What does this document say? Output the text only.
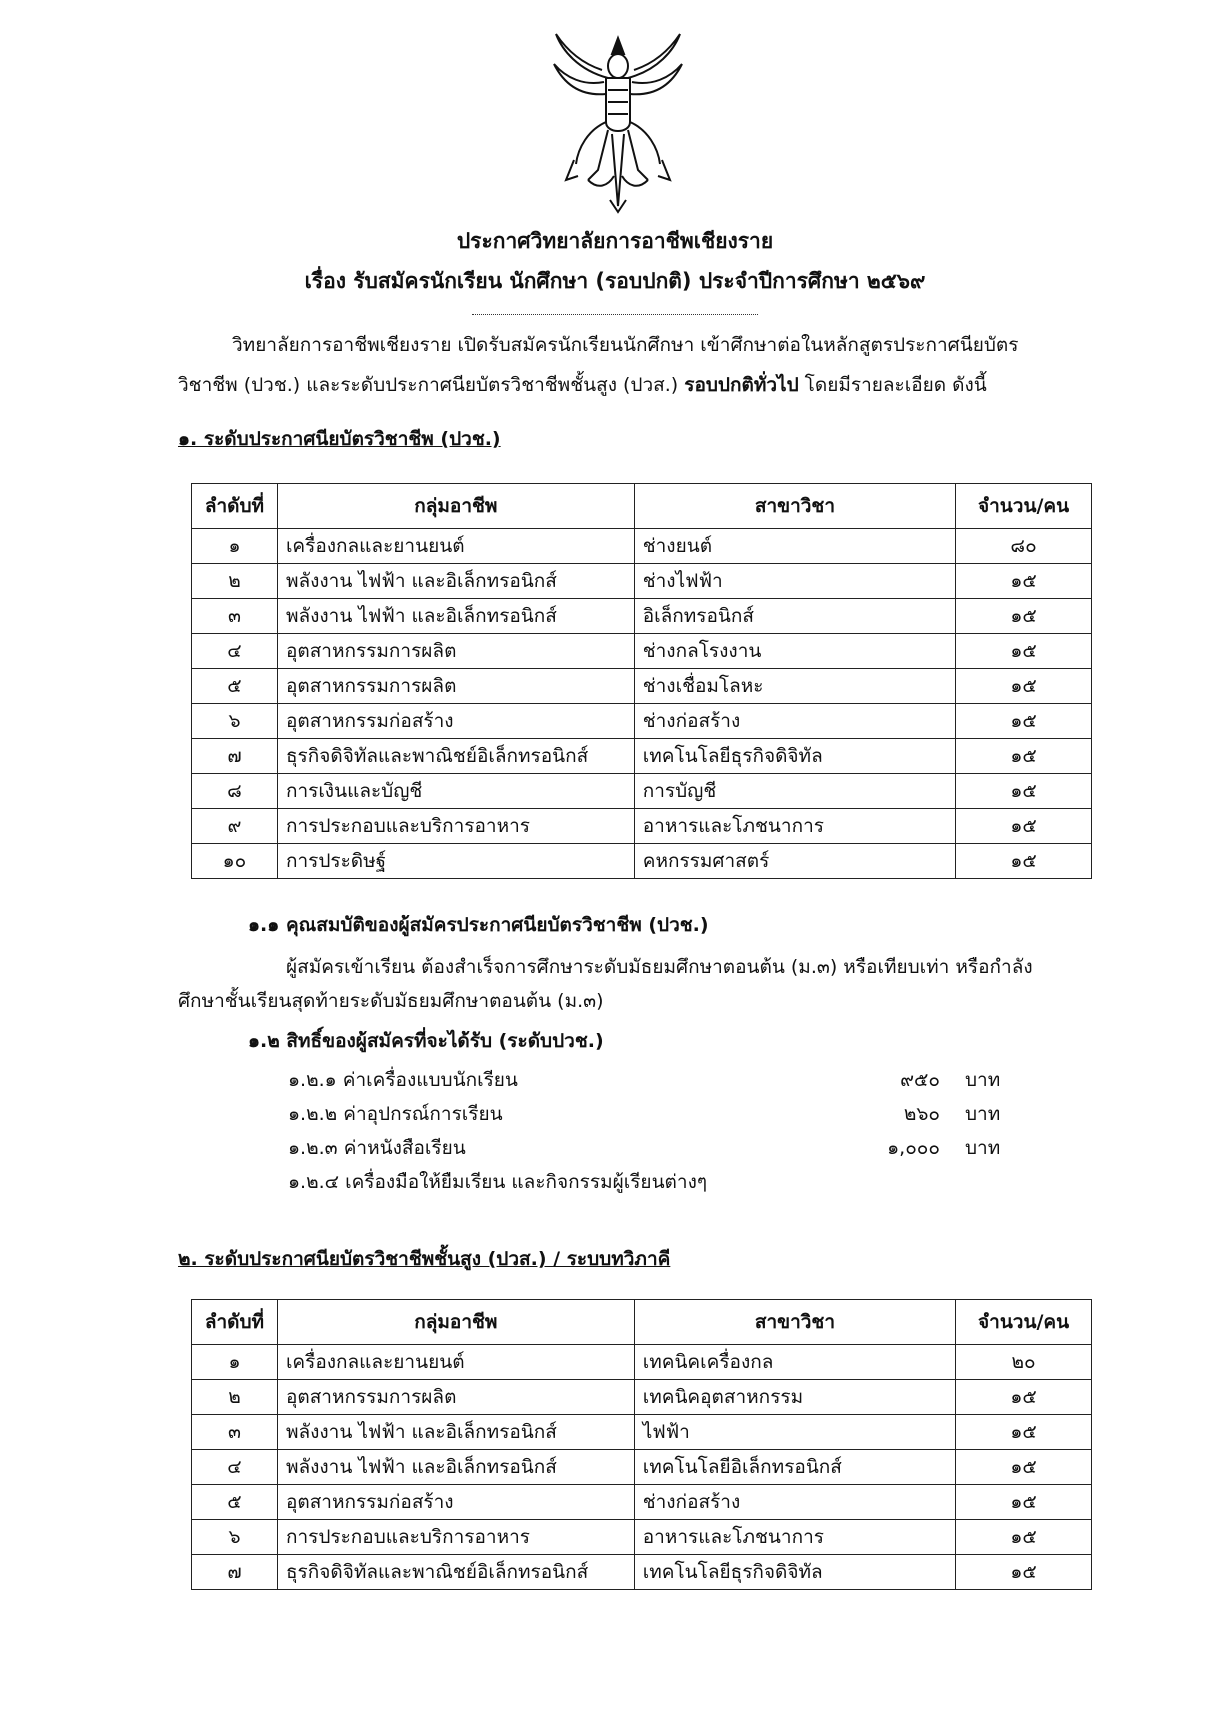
ประกาศวิทยาลัยการอาชีพเชียงราย
เรื่อง รับสมัครนักเรียน นักศึกษา (รอบปกติ) ประจำปีการศึกษา ๒๕๖๙
วิทยาลัยการอาชีพเชียงราย เปิดรับสมัครนักเรียนนักศึกษา เข้าศึกษาต่อในหลักสูตรประกาศนียบัตร
วิชาชีพ (ปวช.) และระดับประกาศนียบัตรวิชาชีพชั้นสูง (ปวส.) รอบปกติทั่วไป โดยมีรายละเอียด ดังนี้
๑. ระดับประกาศนียบัตรวิชาชีพ (ปวช.)
ลำดับที่	กลุ่มอาชีพ	สาขาวิชา	จำนวน/คน
๑	เครื่องกลและยานยนต์	ช่างยนต์	๘๐
๒	พลังงาน ไฟฟ้า และอิเล็กทรอนิกส์	ช่างไฟฟ้า	๑๕
๓	พลังงาน ไฟฟ้า และอิเล็กทรอนิกส์	อิเล็กทรอนิกส์	๑๕
๔	อุตสาหกรรมการผลิต	ช่างกลโรงงาน	๑๕
๕	อุตสาหกรรมการผลิต	ช่างเชื่อมโลหะ	๑๕
๖	อุตสาหกรรมก่อสร้าง	ช่างก่อสร้าง	๑๕
๗	ธุรกิจดิจิทัลและพาณิชย์อิเล็กทรอนิกส์	เทคโนโลยีธุรกิจดิจิทัล	๑๕
๘	การเงินและบัญชี	การบัญชี	๑๕
๙	การประกอบและบริการอาหาร	อาหารและโภชนาการ	๑๕
๑๐	การประดิษฐ์	คหกรรมศาสตร์	๑๕
๑.๑ คุณสมบัติของผู้สมัครประกาศนียบัตรวิชาชีพ (ปวช.)
ผู้สมัครเข้าเรียน ต้องสำเร็จการศึกษาระดับมัธยมศึกษาตอนต้น (ม.๓) หรือเทียบเท่า หรือกำลัง
ศึกษาชั้นเรียนสุดท้ายระดับมัธยมศึกษาตอนต้น (ม.๓)
๑.๒ สิทธิ์ของผู้สมัครที่จะได้รับ (ระดับปวช.)
๑.๒.๑ ค่าเครื่องแบบนักเรียน	๙๕๐ บาท
๑.๒.๒ ค่าอุปกรณ์การเรียน	๒๖๐ บาท
๑.๒.๓ ค่าหนังสือเรียน	๑,๐๐๐ บาท
๑.๒.๔ เครื่องมือให้ยืมเรียน และกิจกรรมผู้เรียนต่างๆ
๒. ระดับประกาศนียบัตรวิชาชีพชั้นสูง (ปวส.) / ระบบทวิภาคี
ลำดับที่	กลุ่มอาชีพ	สาขาวิชา	จำนวน/คน
๑	เครื่องกลและยานยนต์	เทคนิคเครื่องกล	๒๐
๒	อุตสาหกรรมการผลิต	เทคนิคอุตสาหกรรม	๑๕
๓	พลังงาน ไฟฟ้า และอิเล็กทรอนิกส์	ไฟฟ้า	๑๕
๔	พลังงาน ไฟฟ้า และอิเล็กทรอนิกส์	เทคโนโลยีอิเล็กทรอนิกส์	๑๕
๕	อุตสาหกรรมก่อสร้าง	ช่างก่อสร้าง	๑๕
๖	การประกอบและบริการอาหาร	อาหารและโภชนาการ	๑๕
๗	ธุรกิจดิจิทัลและพาณิชย์อิเล็กทรอนิกส์	เทคโนโลยีธุรกิจดิจิทัล	๑๕
